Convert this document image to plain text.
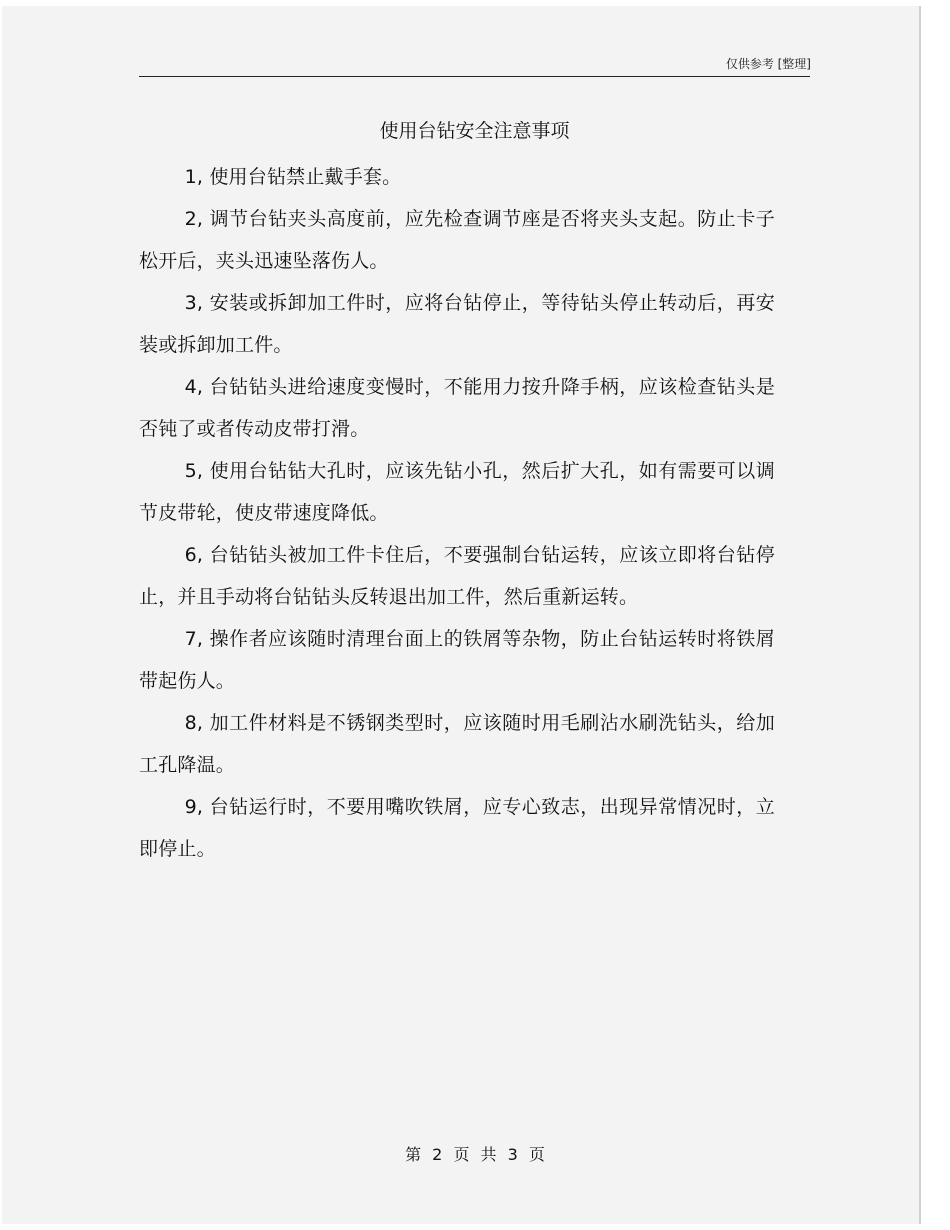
仅供参考 [整理]
使用台钻安全注意事项

1, 使用台钻禁止戴手套。

2, 调节台钻夹头高度前，应先检查调节座是否将夹头支起。防止卡子松开后，夹头迅速坠落伤人。

3, 安装或拆卸加工件时，应将台钻停止，等待钻头停止转动后，再安装或拆卸加工件。

4, 台钻钻头进给速度变慢时，不能用力按升降手柄，应该检查钻头是否钝了或者传动皮带打滑。

5, 使用台钻钻大孔时，应该先钻小孔，然后扩大孔，如有需要可以调节皮带轮，使皮带速度降低。

6, 台钻钻头被加工件卡住后，不要强制台钻运转，应该立即将台钻停止，并且手动将台钻钻头反转退出加工件，然后重新运转。

7, 操作者应该随时清理台面上的铁屑等杂物，防止台钻运转时将铁屑带起伤人。

8, 加工件材料是不锈钢类型时，应该随时用毛刷沾水刷洗钻头，给加工孔降温。

9, 台钻运行时，不要用嘴吹铁屑，应专心致志，出现异常情况时，立即停止。

第 2 页 共 3 页
